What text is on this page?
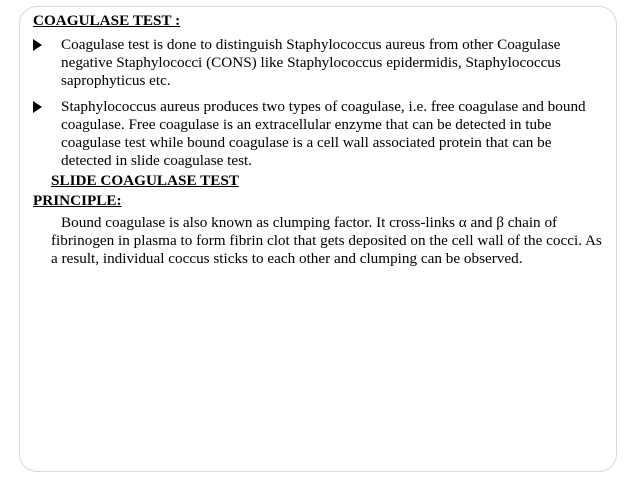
COAGULASE TEST :
Coagulase test is done to distinguish Staphylococcus aureus from other Coagulase negative Staphylococci (CONS) like Staphylococcus epidermidis, Staphylococcus saprophyticus etc.
Staphylococcus aureus produces two types of coagulase, i.e. free coagulase and bound coagulase. Free coagulase is an extracellular enzyme that can be detected in tube coagulase test while bound coagulase is a cell wall associated protein that can be detected in slide coagulase test.
SLIDE COAGULASE TEST
PRINCIPLE:

Bound coagulase is also known as clumping factor. It cross-links α and β chain of fibrinogen in plasma to form fibrin clot that gets deposited on the cell wall of the cocci. As a result, individual coccus sticks to each other and clumping can be observed.
